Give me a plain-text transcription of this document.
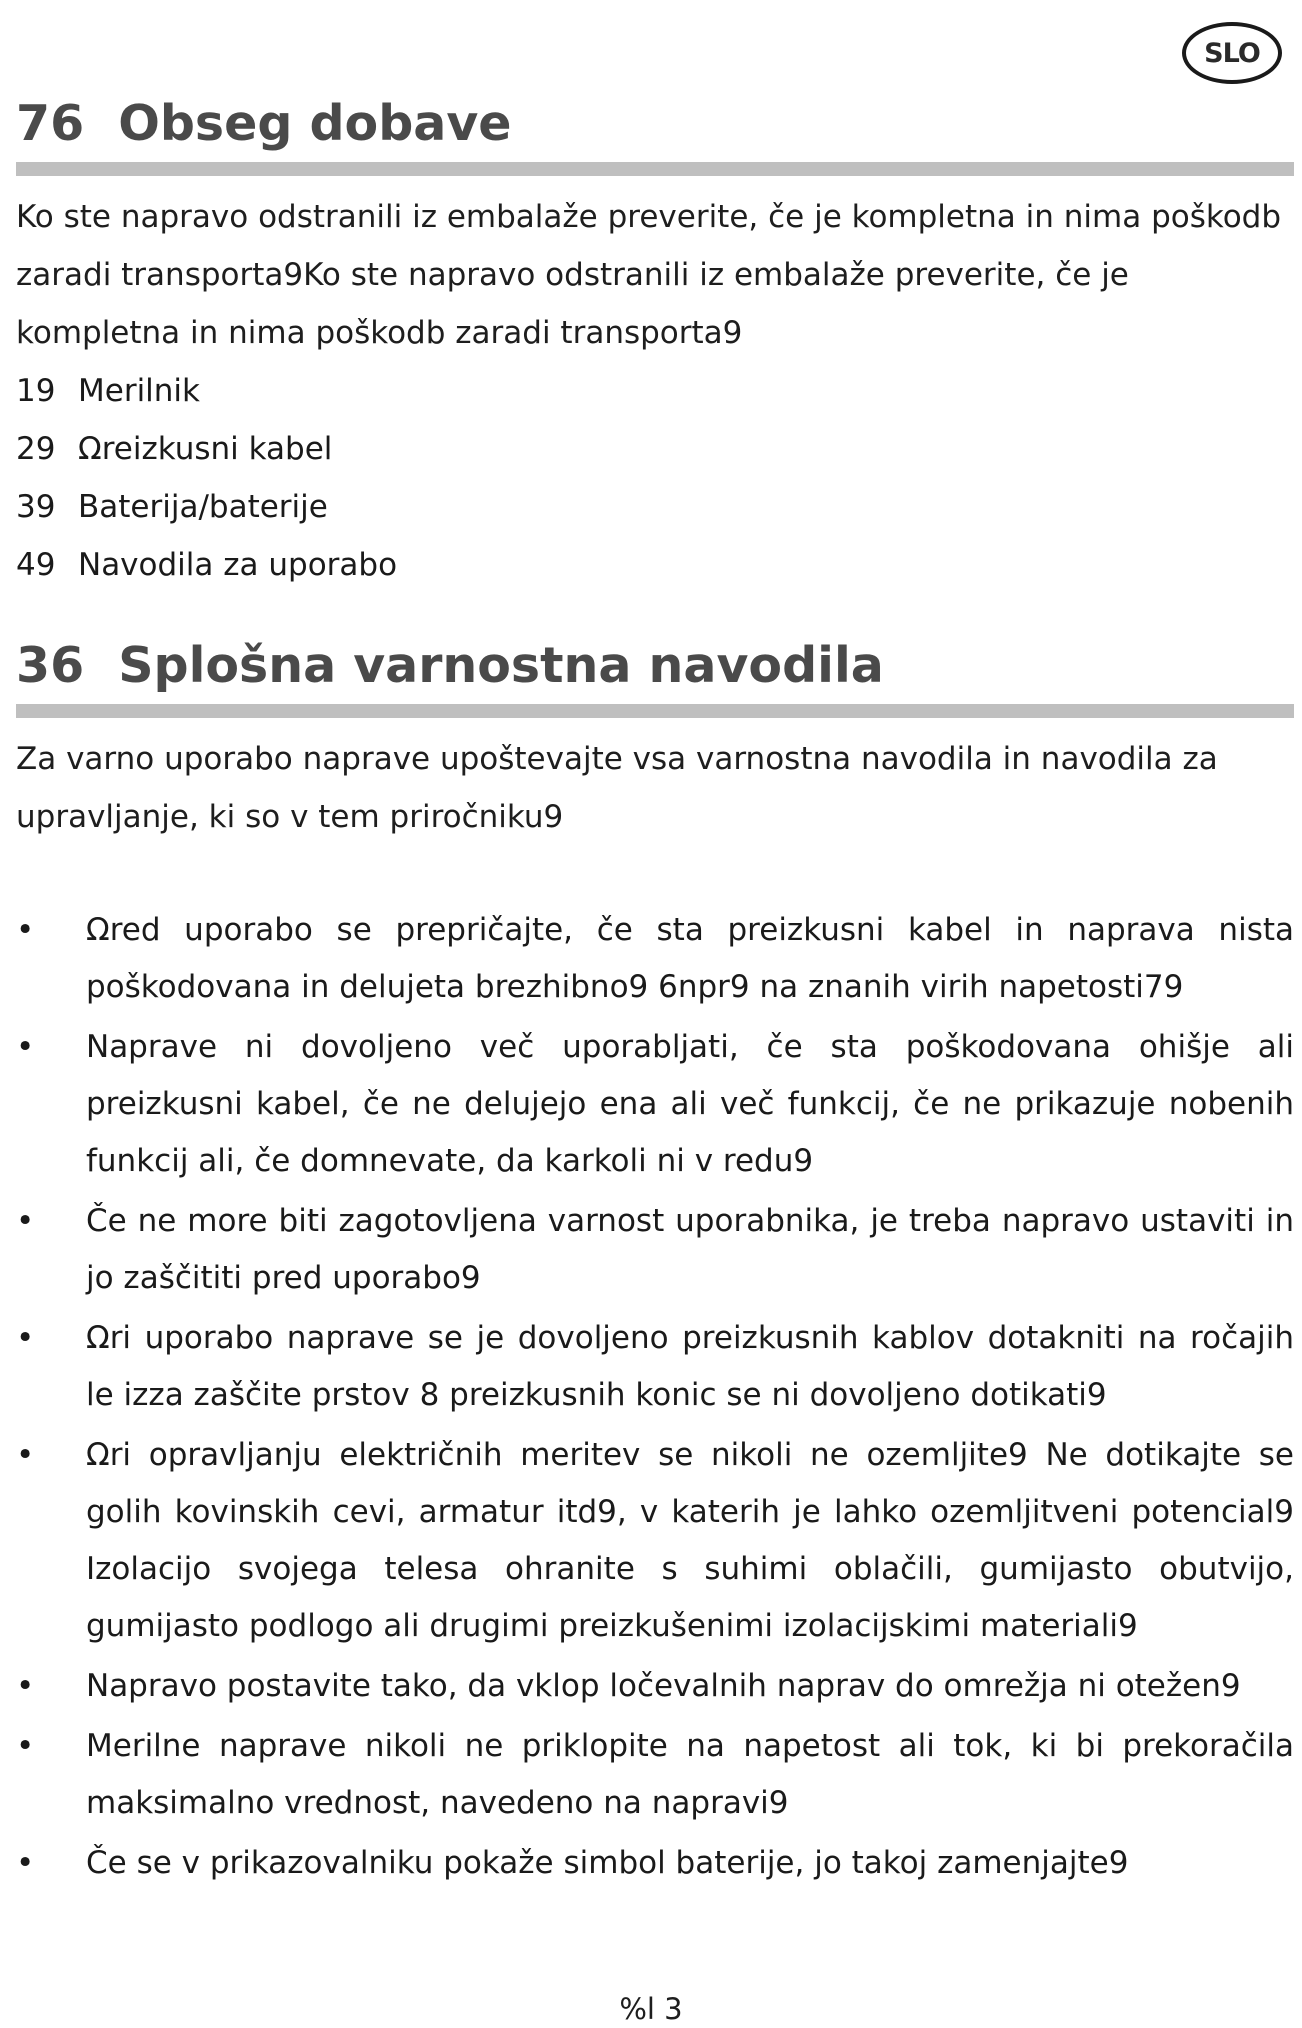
SLO
76 Obseg dobave

Ko ste napravo odstranili iz embalaže preverite, če je kompletna in nima poškodb zaradi transporta9Ko ste napravo odstranili iz embalaže preverite, če je kompletna in nima poškodb zaradi transporta9

19 Merilnik
29 Ωreizkusni kabel
39 Baterija/baterije
49 Navodila za uporabo
36 Splošna varnostna navodila

Za varno uporabo naprave upoštevajte vsa varnostna navodila in navodila za upravljanje, ki so v tem priročniku9

• Ωred uporabo se prepričajte, če sta preizkusni kabel in naprava nista poškodovana in delujeta brezhibno9 6npr9 na znanih virih napetosti79
• Naprave ni dovoljeno več uporabljati, če sta poškodovana ohišje ali preizkusni kabel, če ne delujejo ena ali več funkcij, če ne prikazuje nobenih funkcij ali, če domnevate, da karkoli ni v redu9
• Če ne more biti zagotovljena varnost uporabnika, je treba napravo ustaviti in jo zaščititi pred uporabo9
• Ωri uporabo naprave se je dovoljeno preizkusnih kablov dotakniti na ročajih le izza zaščite prstov 8 preizkusnih konic se ni dovoljeno dotikati9
• Ωri opravljanju električnih meritev se nikoli ne ozemljite9 Ne dotikajte se golih kovinskih cevi, armatur itd9, v katerih je lahko ozemljitveni potencial9 Izolacijo svojega telesa ohranite s suhimi oblačili, gumijasto obutvijo, gumijasto podlogo ali drugimi preizkušenimi izolacijskimi materiali9
• Napravo postavite tako, da vklop ločevalnih naprav do omrežja ni otežen9
• Merilne naprave nikoli ne priklopite na napetost ali tok, ki bi prekoračila maksimalno vrednost, navedeno na napravi9
• Če se v prikazovalniku pokaže simbol baterije, jo takoj zamenjajte9
%l 3
